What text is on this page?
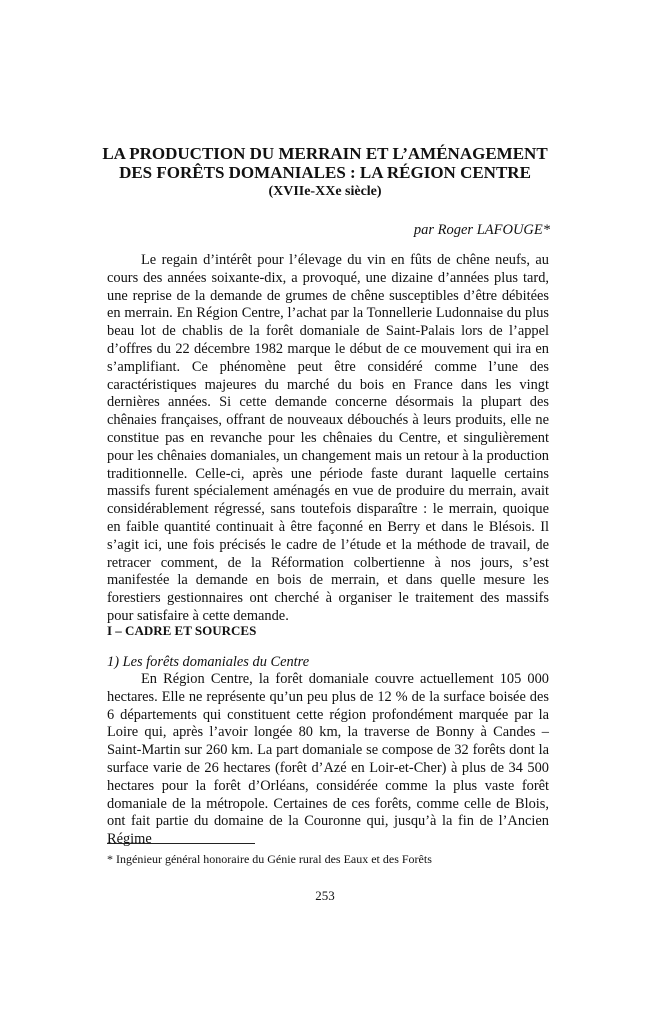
LA PRODUCTION DU MERRAIN ET L’AMÉNAGEMENT
DES FORÊTS DOMANIALES : LA RÉGION CENTRE
(XVIIe-XXe siècle)
par Roger LAFOUGE*

Le regain d’intérêt pour l’élevage du vin en fûts de chêne neufs, au cours des années soixante-dix, a provoqué, une dizaine d’années plus tard, une reprise de la demande de grumes de chêne susceptibles d’être débitées en merrain. En Région Centre, l’achat par la Tonnellerie Ludonnaise du plus beau lot de chablis de la forêt domaniale de Saint-Palais lors de l’appel d’offres du 22 décembre 1982 marque le début de ce mouvement qui ira en s’amplifiant. Ce phénomène peut être considéré comme l’une des caractéristiques majeures du marché du bois en France dans les vingt dernières années. Si cette demande concerne désormais la plupart des chênaies françaises, offrant de nouveaux débouchés à leurs produits, elle ne constitue pas en revanche pour les chênaies du Centre, et singulièrement pour les chênaies domaniales, un changement mais un retour à la production traditionnelle. Celle-ci, après une période faste durant laquelle certains massifs furent spécialement aménagés en vue de produire du merrain, avait considérablement régressé, sans toutefois disparaître : le merrain, quoique en faible quantité continuait à être façonné en Berry et dans le Blésois. Il s’agit ici, une fois précisés le cadre de l’étude et la méthode de travail, de retracer comment, de la Réformation colbertienne à nos jours, s’est manifestée la demande en bois de merrain, et dans quelle mesure les forestiers gestionnaires ont cherché à organiser le traitement des massifs pour satisfaire à cette demande.

I – CADRE ET SOURCES
1) Les forêts domaniales du Centre

En Région Centre, la forêt domaniale couvre actuellement 105 000 hectares. Elle ne représente qu’un peu plus de 12 % de la surface boisée des 6 départements qui constituent cette région profondément marquée par la Loire qui, après l’avoir longée 80 km, la traverse de Bonny à Candes – Saint-Martin sur 260 km. La part domaniale se compose de 32 forêts dont la surface varie de 26 hectares (forêt d’Azé en Loir-et-Cher) à plus de 34 500 hectares pour la forêt d’Orléans, considérée comme la plus vaste forêt domaniale de la métropole. Certaines de ces forêts, comme celle de Blois, ont fait partie du domaine de la Couronne qui, jusqu’à la fin de l’Ancien Régime

* Ingénieur général honoraire du Génie rural des Eaux et des Forêts
253
